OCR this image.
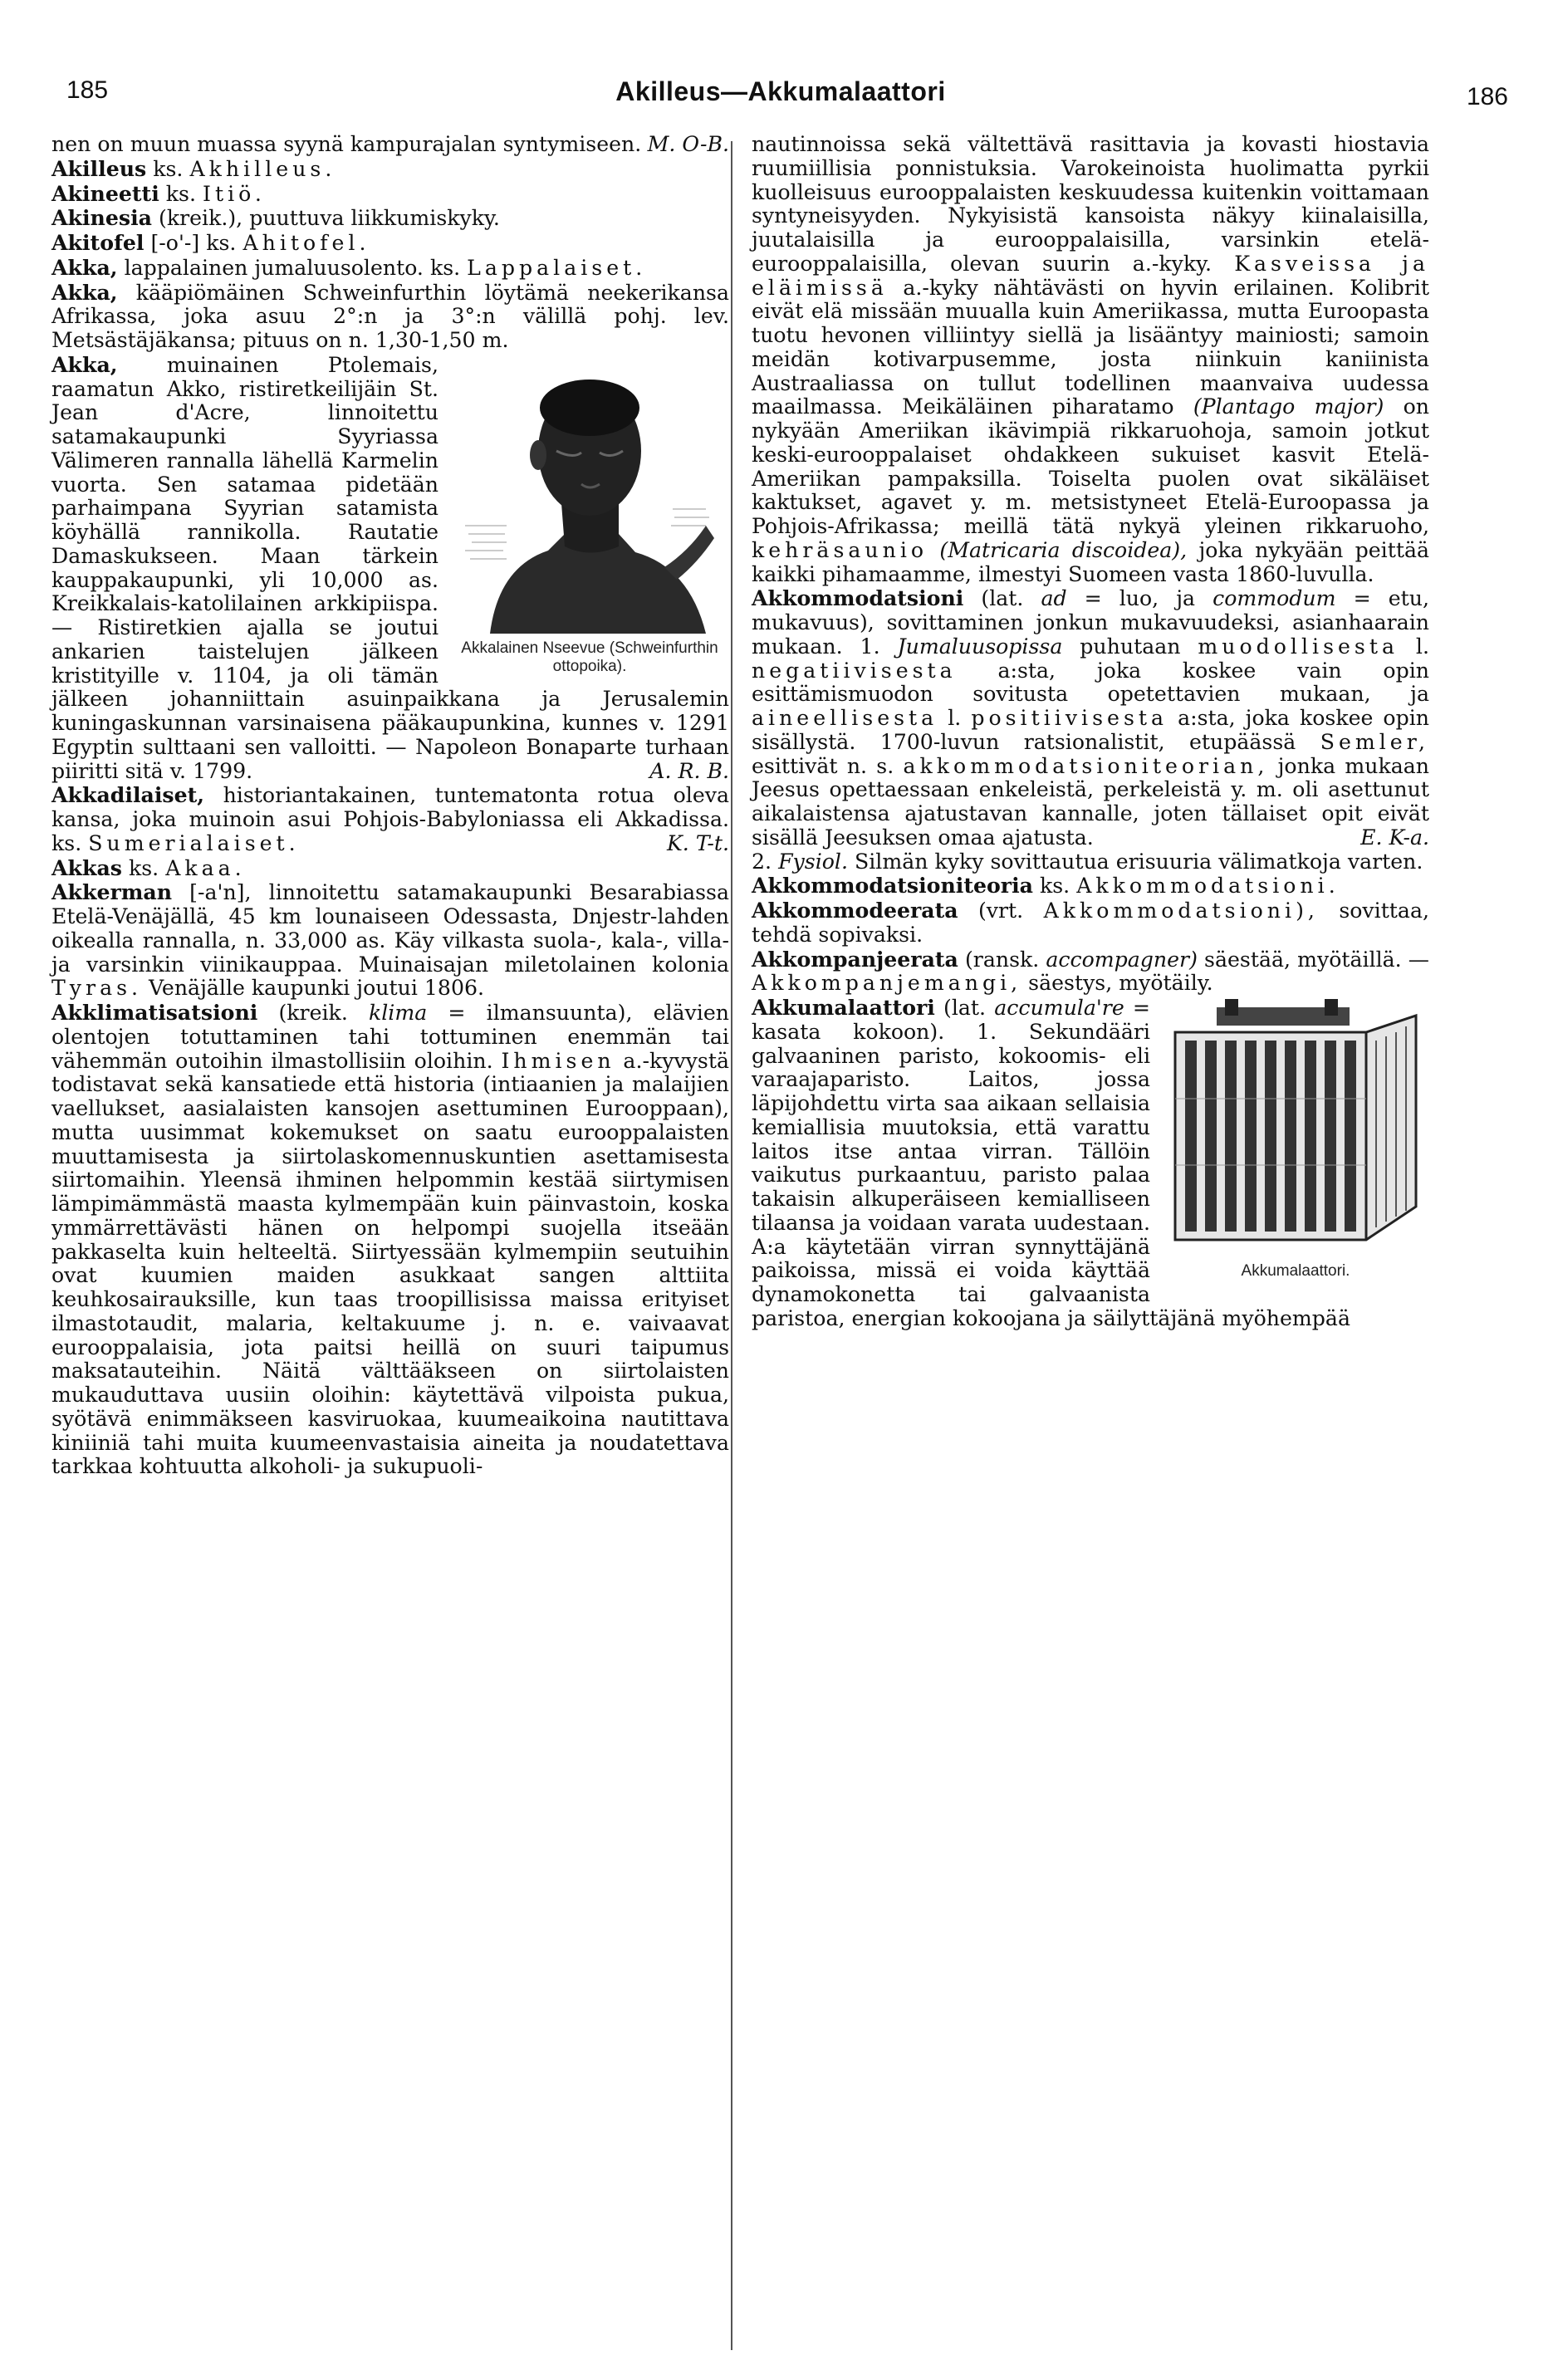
185	Akilleus—Akkumalaattori	186

nen on muun muassa syynä kampurajalan syntymiseen. M. O-B.

Akilleus ks. Akhilleus.

Akineetti ks. Itiö.

Akinesia (kreik.), puuttuva liikkumiskyky.

Akitofel [-o'-] ks. Ahitofel.

Akka, lappalainen jumaluusolento. ks. Lappalaiset.

Akka, kääpiömäinen Schweinfurthin löytämä neekerikansa Afrikassa, joka asuu 2°:n ja 3°:n välillä pohj. lev. Metsästäjäkansa; pituus on n. 1,30-1,50 m.

Akkalainen Nseevue (Schweinfurthin ottopoika).

Akka, muinainen Ptolemais, raamatun Akko, ristiretkeilijäin St. Jean d'Acre, linnoitettu satamakaupunki Syyriassa Välimeren rannalla lähellä Karmelin vuorta. Sen satamaa pidetään parhaimpana Syyrian satamista köyhällä rannikolla. Rautatie Damaskukseen. Maan tärkein kauppakaupunki, yli 10,000 as. Kreikkalais-katolilainen arkkipiispa. — Ristiretkien ajalla se joutui ankarien taistelujen jälkeen kristityille v. 1104, ja oli tämän jälkeen johanniittain asuinpaikkana ja Jerusalemin kuningaskunnan varsinaisena pääkaupunkina, kunnes v. 1291 Egyptin sulttaani sen valloitti. — Napoleon Bonaparte turhaan piiritti sitä v. 1799.	A. R. B.

Akkadilaiset, historiantakainen, tuntematonta rotua oleva kansa, joka muinoin asui Pohjois-Babyloniassa eli Akkadissa. ks. Sumerialaiset.	K. T-t.

Akkas ks. Akaa.

Akkerman [-a'n], linnoitettu satamakaupunki Besarabiassa Etelä-Venäjällä, 45 km lounaiseen Odessasta, Dnjestr-lahden oikealla rannalla, n. 33,000 as. Käy vilkasta suola-, kala-, villa- ja varsinkin viinikauppaa. Muinaisajan miletolainen kolonia Tyras. Venäjälle kaupunki joutui 1806.

Akklimatisatsioni (kreik. klima = ilmansuunta), elävien olentojen totuttaminen tahi tottuminen enemmän tai vähemmän outoihin ilmastollisiin oloihin. Ihmisen a.-kyvystä todistavat sekä kansatiede että historia (intiaanien ja malaijien vaellukset, aasialaisten kansojen asettuminen Eurooppaan), mutta uusimmat kokemukset on saatu eurooppalaisten muuttamisesta ja siirtolaskomennuskuntien asettamisesta siirtomaihin. Yleensä ihminen helpommin kestää siirtymisen lämpimämmästä maasta kylmempään kuin päinvastoin, koska ymmärrettävästi hänen on helpompi suojella itseään pakkaselta kuin helteeltä. Siirtyessään kylmempiin seutuihin ovat kuumien maiden asukkaat sangen alttiita keuhkosairauksille, kun taas troopillisissa maissa erityiset ilmastotaudit, malaria, keltakuume j. n. e. vaivaavat eurooppalaisia, jota paitsi heillä on suuri taipumus maksatauteihin. Näitä välttääkseen on siirtolaisten mukauduttava uusiin oloihin: käytettävä vilpoista pukua, syötävä enimmäkseen kasviruokaa, kuumeaikoina nautittava kiniiniä tahi muita kuumeenvastaisia aineita ja noudatettava tarkkaa kohtuutta alkoholi- ja sukupuoli-

nautinnoissa sekä vältettävä rasittavia ja kovasti hiostavia ruumiillisia ponnistuksia. Varokeinoista huolimatta pyrkii kuolleisuus eurooppalaisten keskuudessa kuitenkin voittamaan syntyneisyyden. Nykyisistä kansoista näkyy kiinalaisilla, juutalaisilla ja eurooppalaisilla, varsinkin etelä-eurooppalaisilla, olevan suurin a.-kyky. Kasveissa ja eläimissä a.-kyky nähtävästi on hyvin erilainen. Kolibrit eivät elä missään muualla kuin Ameriikassa, mutta Euroopasta tuotu hevonen villiintyy siellä ja lisääntyy mainiosti; samoin meidän kotivarpusemme, josta niinkuin kaniinista Austraaliassa on tullut todellinen maanvaiva uudessa maailmassa. Meikäläinen piharatamo (Plantago major) on nykyään Ameriikan ikävimpiä rikkaruohoja, samoin jotkut keski-eurooppalaiset ohdakkeen sukuiset kasvit Etelä-Ameriikan pampaksilla. Toiselta puolen ovat sikäläiset kaktukset, agavet y. m. metsistyneet Etelä-Euroopassa ja Pohjois-Afrikassa; meillä tätä nykyä yleinen rikkaruoho, kehräsaunio (Matricaria discoidea), joka nykyään peittää kaikki pihamaamme, ilmestyi Suomeen vasta 1860-luvulla.

Akkommodatsioni (lat. ad = luo, ja commodum = etu, mukavuus), sovittaminen jonkun mukavuudeksi, asianhaarain mukaan. 1. Jumaluusopissa puhutaan muodollisesta l. negatiivisesta a:sta, joka koskee vain opin esittämismuodon sovitusta opetettavien mukaan, ja aineellisesta l. positiivisesta a:sta, joka koskee opin sisällystä. 1700-luvun ratsionalistit, etupäässä Semler, esittivät n. s. akkommodatsioniteorian, jonka mukaan Jeesus opettaessaan enkeleistä, perkeleistä y. m. oli asettunut aikalaistensa ajatustavan kannalle, joten tällaiset opit eivät sisällä Jeesuksen omaa ajatusta.	E. K-a.

2. Fysiol. Silmän kyky sovittautua erisuuria välimatkoja varten.

Akkommodatsioniteoria ks. Akkommodatsioni.

Akkommodeerata (vrt. Akkommodatsioni), sovittaa, tehdä sopivaksi.

Akkompanjeerata (ransk. accompagner) säestää, myötäillä. — Akkompanjemangi, säestys, myötäily.

Akkumalaattori.

Akkumalaattori (lat. accumula're = kasata kokoon). 1. Sekundääri galvaaninen paristo, kokoomis- eli varaajaparisto. Laitos, jossa läpijohdettu virta saa aikaan sellaisia kemiallisia muutoksia, että varattu laitos itse antaa virran. Tällöin vaikutus purkaantuu, paristo palaa takaisin alkuperäiseen kemialliseen tilaansa ja voidaan varata uudestaan. A:a käytetään virran synnyttäjänä paikoissa, missä ei voida käyttää dynamokonetta tai galvaanista paristoa, energian kokoojana ja säilyttäjänä myöhempää
